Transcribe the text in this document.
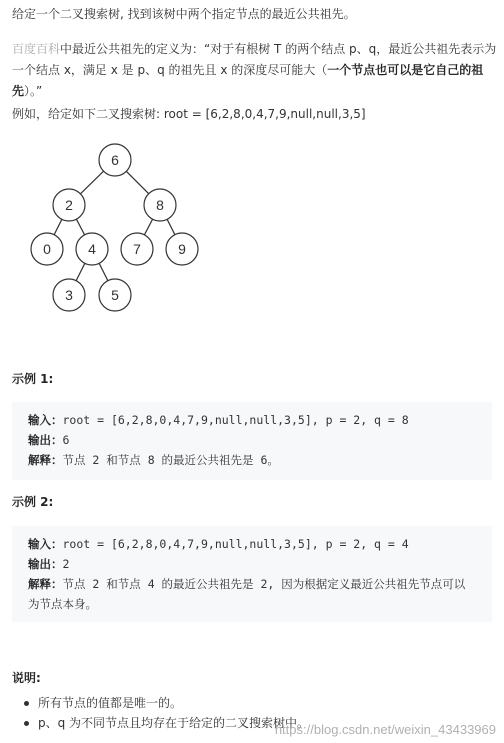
给定一个二叉搜索树, 找到该树中两个指定节点的最近公共祖先。

百度百科中最近公共祖先的定义为：“对于有根树 T 的两个结点 p、q，最近公共祖先表示为一个结点 x，满足 x 是 p、q 的祖先且 x 的深度尽可能大（一个节点也可以是它自己的祖先）。”

例如，给定如下二叉搜索树: root = [6,2,8,0,4,7,9,null,null,3,5]

6
2	8
0	4	7	9
3	5

示例 1:

输入：root = [6,2,8,0,4,7,9,null,null,3,5], p = 2, q = 8
输出：6
解释：节点 2 和节点 8 的最近公共祖先是 6。

示例 2:

输入：root = [6,2,8,0,4,7,9,null,null,3,5], p = 2, q = 4
输出：2
解释：节点 2 和节点 4 的最近公共祖先是 2, 因为根据定义最近公共祖先节点可以为节点本身。

说明:

所有节点的值都是唯一的。
p、q 为不同节点且均存在于给定的二叉搜索树中。
https://blog.csdn.net/weixin_43433969
